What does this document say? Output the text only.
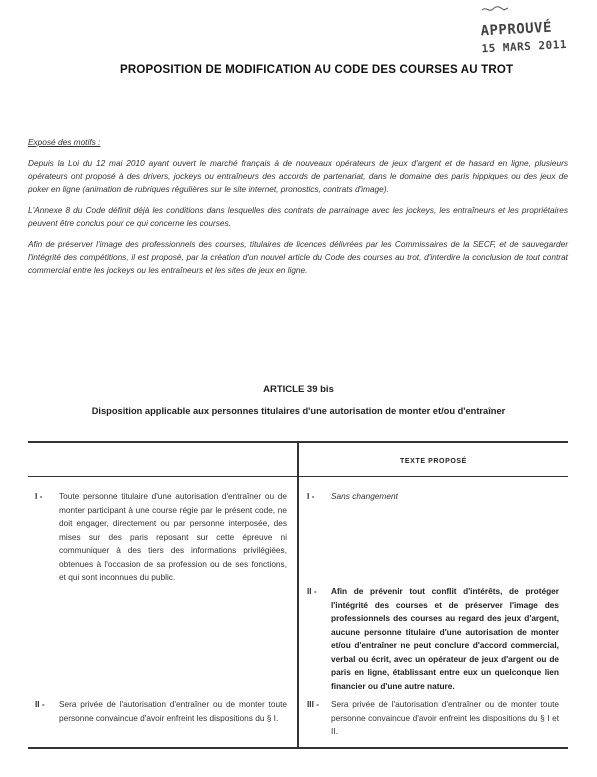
APPROUVÉ
15 MARS 2011
PROPOSITION DE MODIFICATION AU CODE DES COURSES AU TROT
Exposé des motifs :

Depuis la Loi du 12 mai 2010 ayant ouvert le marché français à de nouveaux opérateurs de jeux d'argent et de hasard en ligne, plusieurs opérateurs ont proposé à des drivers, jockeys ou entraîneurs des accords de partenariat, dans le domaine des paris hippiques ou des jeux de poker en ligne (animation de rubriques régulières sur le site internet, pronostics, contrats d'image).

L'Annexe 8 du Code définit déjà les conditions dans lesquelles des contrats de parrainage avec les jockeys, les entraîneurs et les propriétaires peuvent être conclus pour ce qui concerne les courses.

Afin de préserver l'image des professionnels des courses, titulaires de licences délivrées par les Commissaires de la SECF, et de sauvegarder l'intégrité des compétitions, il est proposé, par la création d'un nouvel article du Code des courses au trot, d'interdire la conclusion de tout contrat commercial entre les jockeys ou les entraîneurs et les sites de jeux en ligne.

ARTICLE 39 bis
Disposition applicable aux personnes titulaires d'une autorisation de monter et/ou d'entraîner
TEXTE PROPOSÉ
I - Toute personne titulaire d'une autorisation d'entraîner ou de monter participant à une course régie par le présent code, ne doit engager, directement ou par personne interposée, des mises sur des paris reposant sur cette épreuve ni communiquer à des tiers des informations privilégiées, obtenues à l'occasion de sa profession ou de ses fonctions, et qui sont inconnues du public.
I - Sans changement
II - Afin de prévenir tout conflit d'intérêts, de protéger l'intégrité des courses et de préserver l'image des professionnels des courses au regard des jeux d'argent, aucune personne titulaire d'une autorisation de monter et/ou d'entraîner ne peut conclure d'accord commercial, verbal ou écrit, avec un opérateur de jeux d'argent ou de paris en ligne, établissant entre eux un quelconque lien financier ou d'une autre nature.
II - Sera privée de l'autorisation d'entraîner ou de monter toute personne convaincue d'avoir enfreint les dispositions du § I.
III - Sera privée de l'autorisation d'entraîner ou de monter toute personne convaincue d'avoir enfreint les dispositions du § I et II.
